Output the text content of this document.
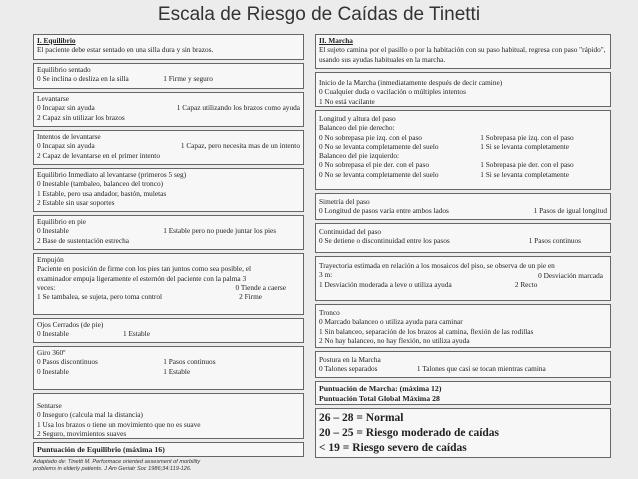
Escala de Riesgo de Caídas de Tinetti
I. Equilibrio
El paciente debe estar sentado en una silla dura y sin brazos.
Equilibrio sentado
0 Se inclina o desliza en la silla	1 Firme y seguro
Levantarse
0 Incapaz sin ayuda	1 Capaz utilizando los brazos como ayuda
2 Capaz sin utilizar los brazos
Intentos de levantarse
0 Incapaz sin ayuda	1 Capaz, pero necesita mas de un intento
2 Capaz de levantarse en el primer intento
Equilibrio Inmediato al levantarse (primeros 5 seg)
0 Inestable (tambaleo, balanceo del tronco)
1 Estable, pero usa andador, bastón, muletas
2 Estable sin usar soportes
Equilibrio en pie
0 Inestable	1 Estable pero no puede juntar los pies
2 Base de sustentación estrecha
Empujón
Paciente en posición de firme con los pies tan juntos como sea posible, el examinador empuja ligeramente el esternón del paciente con la palma 3 veces:	0 Tiende a caerse
1 Se tambalea, se sujeta, pero toma control	2 Firme
Ojos Cerrados (de pie)
0 Inestable	1 Estable
Giro 360º
0 Pasos discontinuos	1 Pasos continuos
0 Inestable	1 Estable
Sentarse
0 Inseguro (calcula mal la distancia)
1 Usa los brazos o tiene un movimiento que no es suave
2 Seguro, movimientos suaves
Puntuación de Equilibrio (máxima 16)
Adaptado de: Tinetti M. Performace oriented assesment of morbility
problems in elderly patients. J Am Geriatr Soc 1986;34:119-126.
II. Marcha
El sujeto camina por el pasillo o por la habitación con su paso habitual, regresa con paso "rápido", usando sus ayudas habituales en la marcha.
Inicio de la Marcha (inmediatamente después de decir camine)
0 Cualquier duda o vacilación o múltiples intentos
1 No está vacilante
Longitud y altura del paso
Balanceo del pie derecho:
0 No sobrepasa pie izq. con el paso	1 Sobrepasa pie izq. con el paso
0 No se levanta completamente del suelo	1 Si se levanta completamente
Balanceo del pie izquierdo:
0 No sobrepasa el pie der. con el paso	1 Sobrepasa pie der. con el paso
0 No se levanta completamente del suelo	1 Si se levanta completamente
Simetría del paso
0 Longitud de pasos varía entre ambos lados	1 Pasos de igual longitud
Continuidad del paso
0 Se detiene o discontinuidad entre los pasos	1 Pasos continuos
Trayectoria estimada en relación a los mosaicos del piso, se observa de un pie en 3 m:	0 Desviación marcada
1 Desviación moderada a leve o utiliza ayuda	2 Recto
Tronco
0 Marcado balanceo o utiliza ayuda para caminar
1 Sin balanceo, separación de los brazos al camina, flexión de las rodillas
2 No hay balanceo, no hay flexión, no utiliza ayuda
Postura en la Marcha
0 Talones separados	1 Talones que casi se tocan mientras camina
Puntuación de Marcha: (máxima 12)
Puntuación Total Global Máxima 28
26 – 28 = Normal
20 – 25 = Riesgo moderado de caídas
< 19 = Riesgo severo de caídas
